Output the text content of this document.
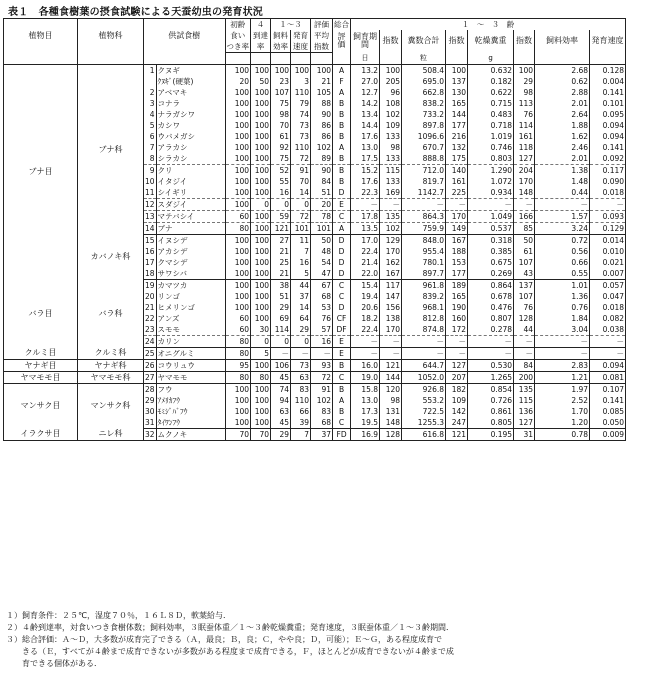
表１　各種食樹葉の摂食試験による天蚕幼虫の発育状況
植物目	植物科	供試食樹		初齢	４	１～３		評価	総合	１　～　３　齢							
				食い	到達	飼料	発育	平均	評価	飼育期間	指数	糞数合計	指数	乾燥糞重	指数	飼料効率	発育速度
				つき率	率	効率	速度	指数									
										日		粒		g			
ブナ目	ブナ科	1	クヌギ	100	100	100	100	100	A	13.2	100	508.4	100	0.632	100	2.68	0.128
			ｸﾇｷﾞ(硬葉)	20	50	23	3	21	F	27.0	205	695.0	137	0.182	29	0.62	0.004
		2	アベマキ	100	100	107	110	105	A	12.7	96	662.8	130	0.622	98	2.88	0.141
		3	コナラ	100	100	75	79	88	B	14.2	108	838.2	165	0.715	113	2.01	0.101
		4	ナラガシワ	100	100	98	74	90	B	13.4	102	733.2	144	0.483	76	2.64	0.095
		5	カシワ	100	100	70	73	86	B	14.4	109	897.8	177	0.718	114	1.88	0.094
		6	ウバメガシ	100	100	61	73	86	B	17.6	133	1096.6	216	1.019	161	1.62	0.094
		7	アラカシ	100	100	92	110	102	A	13.0	98	670.7	132	0.746	118	2.46	0.141
		8	シラカシ	100	100	75	72	89	B	17.5	133	888.8	175	0.803	127	2.01	0.092
		9	クリ	100	100	52	91	90	B	15.2	115	712.0	140	1.290	204	1.38	0.117
		10	イタジイ	100	100	55	70	84	B	17.6	133	819.7	161	1.072	170	1.48	0.090
		11	シイギリ	100	100	16	14	51	D	22.3	169	1142.7	225	0.934	148	0.44	0.018
		12	スダジイ	100	0	0	0	20	E	－	－	－	－	－	－	－	－
		13	マテバシイ	60	100	59	72	78	C	17.8	135	864.3	170	1.049	166	1.57	0.093
		14	ブナ	80	100	121	101	101	A	13.5	102	759.9	149	0.537	85	3.24	0.129
	カバノキ科	15	イヌシデ	100	100	27	11	50	D	17.0	129	848.0	167	0.318	50	0.72	0.014
		16	アカシデ	100	100	21	7	48	D	22.4	170	955.4	188	0.385	61	0.56	0.010
		17	クマシデ	100	100	25	16	54	D	21.4	162	780.1	153	0.675	107	0.66	0.021
		18	サワシバ	100	100	21	5	47	D	22.0	167	897.7	177	0.269	43	0.55	0.007
バラ目	バラ科	19	カマツカ	100	100	38	44	67	C	15.4	117	961.8	189	0.864	137	1.01	0.057
		20	リンゴ	100	100	51	37	68	C	19.4	147	839.2	165	0.678	107	1.36	0.047
		21	ヒメリンゴ	100	100	29	14	53	D	20.6	156	968.1	190	0.476	76	0.76	0.018
		22	アンズ	60	100	69	64	76	CF	18.2	138	812.8	160	0.807	128	1.84	0.082
		23	スモモ	60	30	114	29	57	DF	22.4	170	874.8	172	0.278	44	3.04	0.038
		24	カリン	80	0	0	0	16	E	－	－	－	－	－	－	－	－
クルミ目	クルミ科	25	オニグルミ	80	5	－	－	－	E	－	－	－	－	－	－	－	－
ヤナギ目	ヤナギ科	26	コウリュウ	95	100	106	73	93	B	16.0	121	644.7	127	0.530	84	2.83	0.094
ヤマモモ目	ヤマモモ科	27	ヤマモモ	80	80	45	63	72	C	19.0	144	1052.0	207	1.265	200	1.21	0.081
マンサク目	マンサク科	28	フウ	100	100	74	83	91	B	15.8	120	926.8	182	0.854	135	1.97	0.107
		29	ｱﾒﾘｶﾌｳ	100	100	94	110	102	A	13.0	98	553.2	109	0.726	115	2.52	0.141
		30	ﾓﾐｼﾞﾊﾞﾌｳ	100	100	63	66	83	B	17.3	131	722.5	142	0.861	136	1.70	0.085
		31	ﾀｲﾜﾝﾌｳ	100	100	45	39	68	C	19.5	148	1255.3	247	0.805	127	1.20	0.050
イラクサ目	ニレ科	32	ムクノキ	70	70	29	7	37	FD	16.9	128	616.8	121	0.195	31	0.78	0.009
１）飼育条件：２５℃，湿度７０％，１６Ｌ８Ｄ，軟葉給与．
２）４齢到達率，対食いつき食樹体数；飼料効率，３眠蚕体重／１～３齢乾燥糞重；発育速度，３眠蚕体重／１～３齢期間．
３）総合評価：Ａ～Ｄ，大多数が成育完了できる（Ａ，最良；Ｂ，良；Ｃ，やや良；Ｄ，可能）；Ｅ～Ｇ，ある程度成育で
　　きる（Ｅ，すべてが４齢まで成育できないが多数がある程度まで成育できる，Ｆ，ほとんどが成育できないが４齢まで成
　　育できる個体がある．
